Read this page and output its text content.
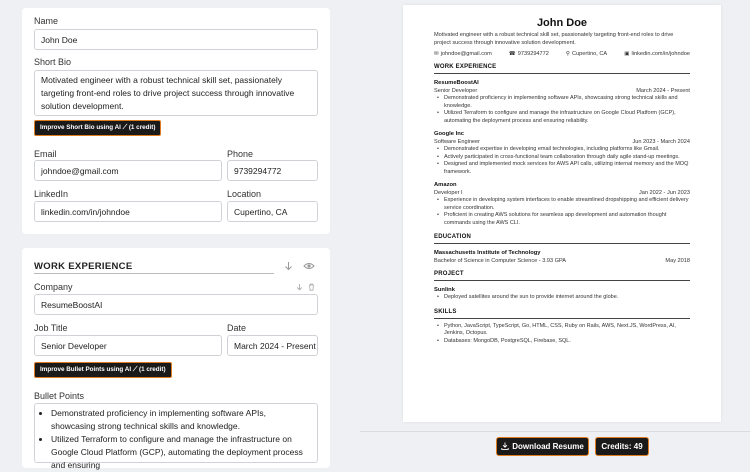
Name
John Doe
Short Bio
Motivated engineer with a robust technical skill set, passionately targeting front-end roles to drive project success through innovative solution development.
Improve Short Bio using AI ⟋ (1 credit)
Email
johndoe@gmail.com
Phone
9739294772
LinkedIn
linkedin.com/in/johndoe
Location
Cupertino, CA
WORK EXPERIENCE
Company
ResumeBoostAI
Job Title
Senior Developer
Date
March 2024 - Present
Improve Bullet Points using AI ⟋ (1 credit)
Bullet Points
• Demonstrated proficiency in implementing software APIs, showcasing strong technical skills and knowledge.
• Utilized Terraform to configure and manage the infrastructure on Google Cloud Platform (GCP), automating the deployment process and ensuring
John Doe
Motivated engineer with a robust technical skill set, passionately targeting front-end roles to drive project success through innovative solution development.
✉ johndoe@gmail.com	☎ 9739294772	⚲ Cupertino, CA	▣ linkedin.com/in/johndoe
WORK EXPERIENCE
ResumeBoostAI
Senior Developer	March 2024 - Present
• Demonstrated proficiency in implementing software APIs, showcasing strong technical skills and knowledge.
• Utilized Terraform to configure and manage the infrastructure on Google Cloud Platform (GCP), automating the deployment process and ensuring reliability.
Google Inc
Software Engineer	Jun 2023 - March 2024
• Demonstrated expertise in developing email technologies, including platforms like Gmail.
• Actively participated in cross-functional team collaboration through daily agile stand-up meetings.
• Designed and implemented mock services for AWS API calls, utilizing internal memory and the MOQ framework.
Amazon
Developer I	Jan 2022 - Jun 2023
• Experience in developing system interfaces to enable streamlined dropshipping and efficient delivery service coordination.
• Proficient in creating AWS solutions for seamless app development and automation thought commands using the AWS CLI.
EDUCATION
Massachusetts Institute of Technology
Bachelor of Science in Computer Science - 3.93 GPA	May 2018
PROJECT
Sunlink
• Deployed satellites around the sun to provide internet around the globe.
SKILLS
• Python, JavaScript, TypeScript, Go, HTML, CSS, Ruby on Rails, AWS, Next.JS, WordPress, AI, Jenkins, Octopus.
• Databases: MongoDB, PostgreSQL, Firebase, SQL.
Download Resume	Credits: 49
